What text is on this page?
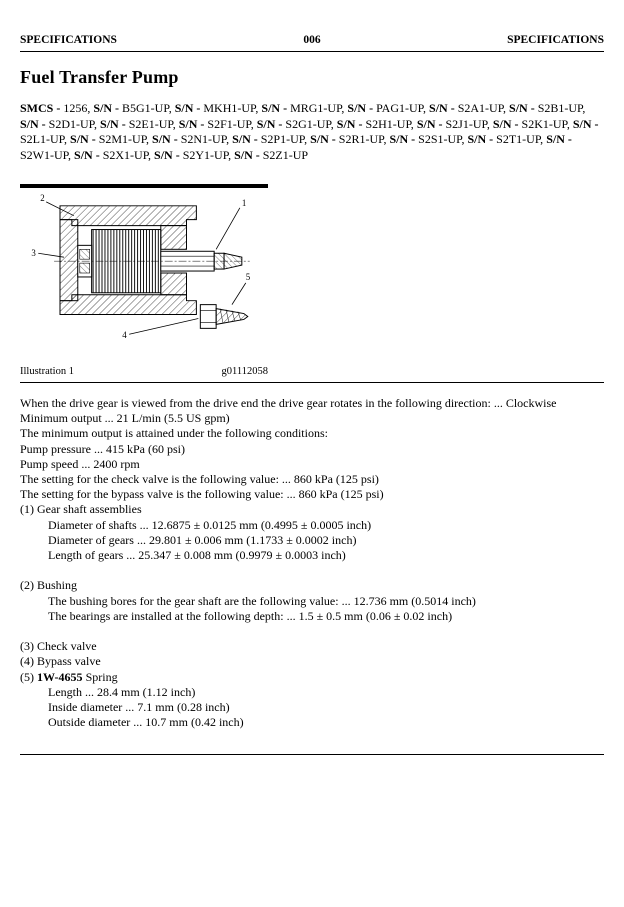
SPECIFICATIONS	006	SPECIFICATIONS
Fuel Transfer Pump

SMCS - 1256, S/N - B5G1-UP, S/N - MKH1-UP, S/N - MRG1-UP, S/N - PAG1-UP, S/N - S2A1-UP, S/N - S2B1-UP, S/N - S2D1-UP, S/N - S2E1-UP, S/N - S2F1-UP, S/N - S2G1-UP, S/N - S2H1-UP, S/N - S2J1-UP, S/N - S2K1-UP, S/N - S2L1-UP, S/N - S2M1-UP, S/N - S2N1-UP, S/N - S2P1-UP, S/N - S2R1-UP, S/N - S2S1-UP, S/N - S2T1-UP, S/N - S2W1-UP, S/N - S2X1-UP, S/N - S2Y1-UP, S/N - S2Z1-UP

1
2
3
4
5
Illustration 1	g01112058
When the drive gear is viewed from the drive end the drive gear rotates in the following direction: ... Clockwise
Minimum output ... 21 L/min (5.5 US gpm)
The minimum output is attained under the following conditions:
Pump pressure ... 415 kPa (60 psi)
Pump speed ... 2400 rpm
The setting for the check valve is the following value: ... 860 kPa (125 psi)
The setting for the bypass valve is the following value: ... 860 kPa (125 psi)
(1) Gear shaft assemblies
Diameter of shafts ... 12.6875 ± 0.0125 mm (0.4995 ± 0.0005 inch)
Diameter of gears ... 29.801 ± 0.006 mm (1.1733 ± 0.0002 inch)
Length of gears ... 25.347 ± 0.008 mm (0.9979 ± 0.0003 inch)

(2) Bushing
The bushing bores for the gear shaft are the following value: ... 12.736 mm (0.5014 inch)
The bearings are installed at the following depth: ... 1.5 ± 0.5 mm (0.06 ± 0.02 inch)

(3) Check valve
(4) Bypass valve
(5) 1W-4655 Spring
Length ... 28.4 mm (1.12 inch)
Inside diameter ... 7.1 mm (0.28 inch)
Outside diameter ... 10.7 mm (0.42 inch)
